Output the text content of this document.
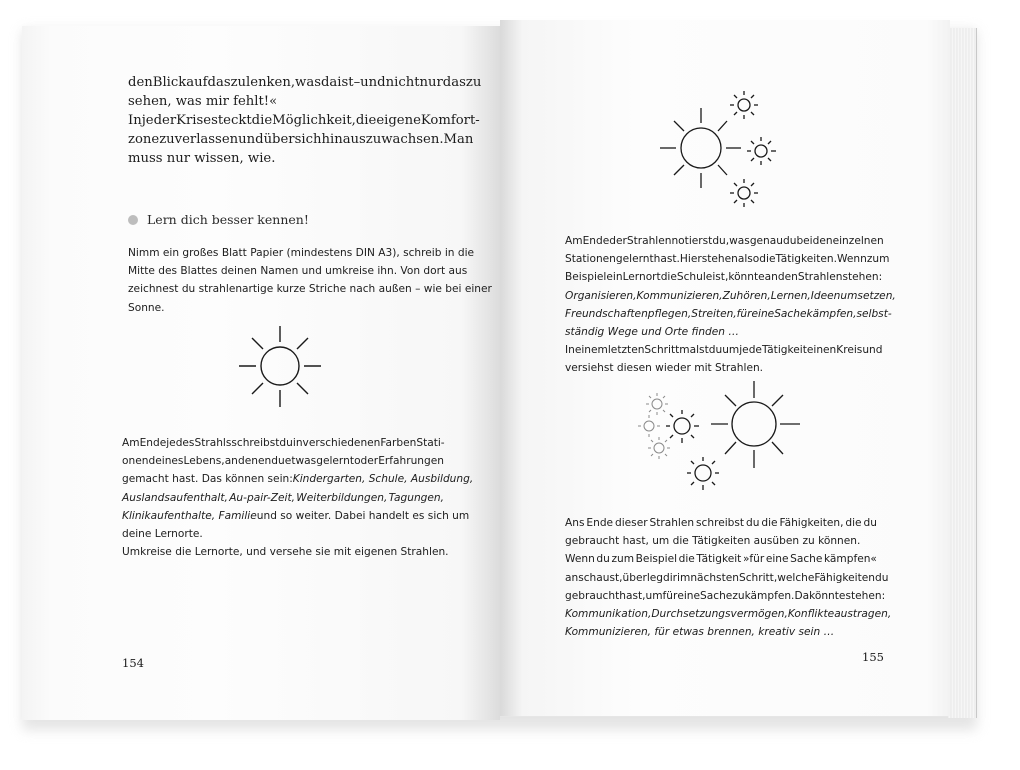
den Blick auf das zu lenken, was da ist – und nicht nur das zu
sehen, was mir fehlt!«

In jeder Krise steckt die Möglichkeit, die eigene Komfort-
zone zu verlassen und über sich hinauszuwachsen. Man
muss nur wissen, wie.

Lern dich besser kennen!

Nimm ein großes Blatt Papier (mindestens DIN A3), schreib in die
Mitte des Blattes deinen Namen und umkreise ihn. Von dort aus
zeichnest du strahlenartige kurze Striche nach außen – wie bei einer
Sonne.

Am Ende jedes Strahls schreibst du in verschiedenen Farben Stati-
onen deines Lebens, an denen du etwas gelernt oder Erfahrungen
gemacht hast. Das können sein: Kindergarten, Schule, Ausbildung,
Auslandsaufenthalt, Au-pair-Zeit, Weiterbildungen, Tagungen,
Klinikaufenthalte, Familie und so weiter. Dabei handelt es sich um
deine Lernorte.
Umkreise die Lernorte, und versehe sie mit eigenen Strahlen.

154

Am Ende der Strahlen notierst du, was genau du bei den einzelnen
Stationen gelernt hast. Hier stehen also die Tätigkeiten. Wenn zum
Beispiel ein Lernort die Schule ist, könnte an den Strahlen stehen:
Organisieren, Kommunizieren, Zuhören, Lernen, Ideen umsetzen,
Freundschaften pflegen, Streiten, für eine Sache kämpfen, selbst-
ständig Wege und Orte finden …
In einem letzten Schritt malst du um jede Tätigkeit einen Kreis und
versiehst diesen wieder mit Strahlen.

Ans Ende dieser Strahlen schreibst du die Fähigkeiten, die du
gebraucht hast, um die Tätigkeiten ausüben zu können.
Wenn du zum Beispiel die Tätigkeit »für eine Sache kämpfen«
anschaust, überleg dir im nächsten Schritt, welche Fähigkeiten du
gebraucht hast, um für eine Sache zu kämpfen. Da könnte stehen:
Kommunikation, Durchsetzungsvermögen, Konflikte austragen,
Kommunizieren, für etwas brennen, kreativ sein …

155
